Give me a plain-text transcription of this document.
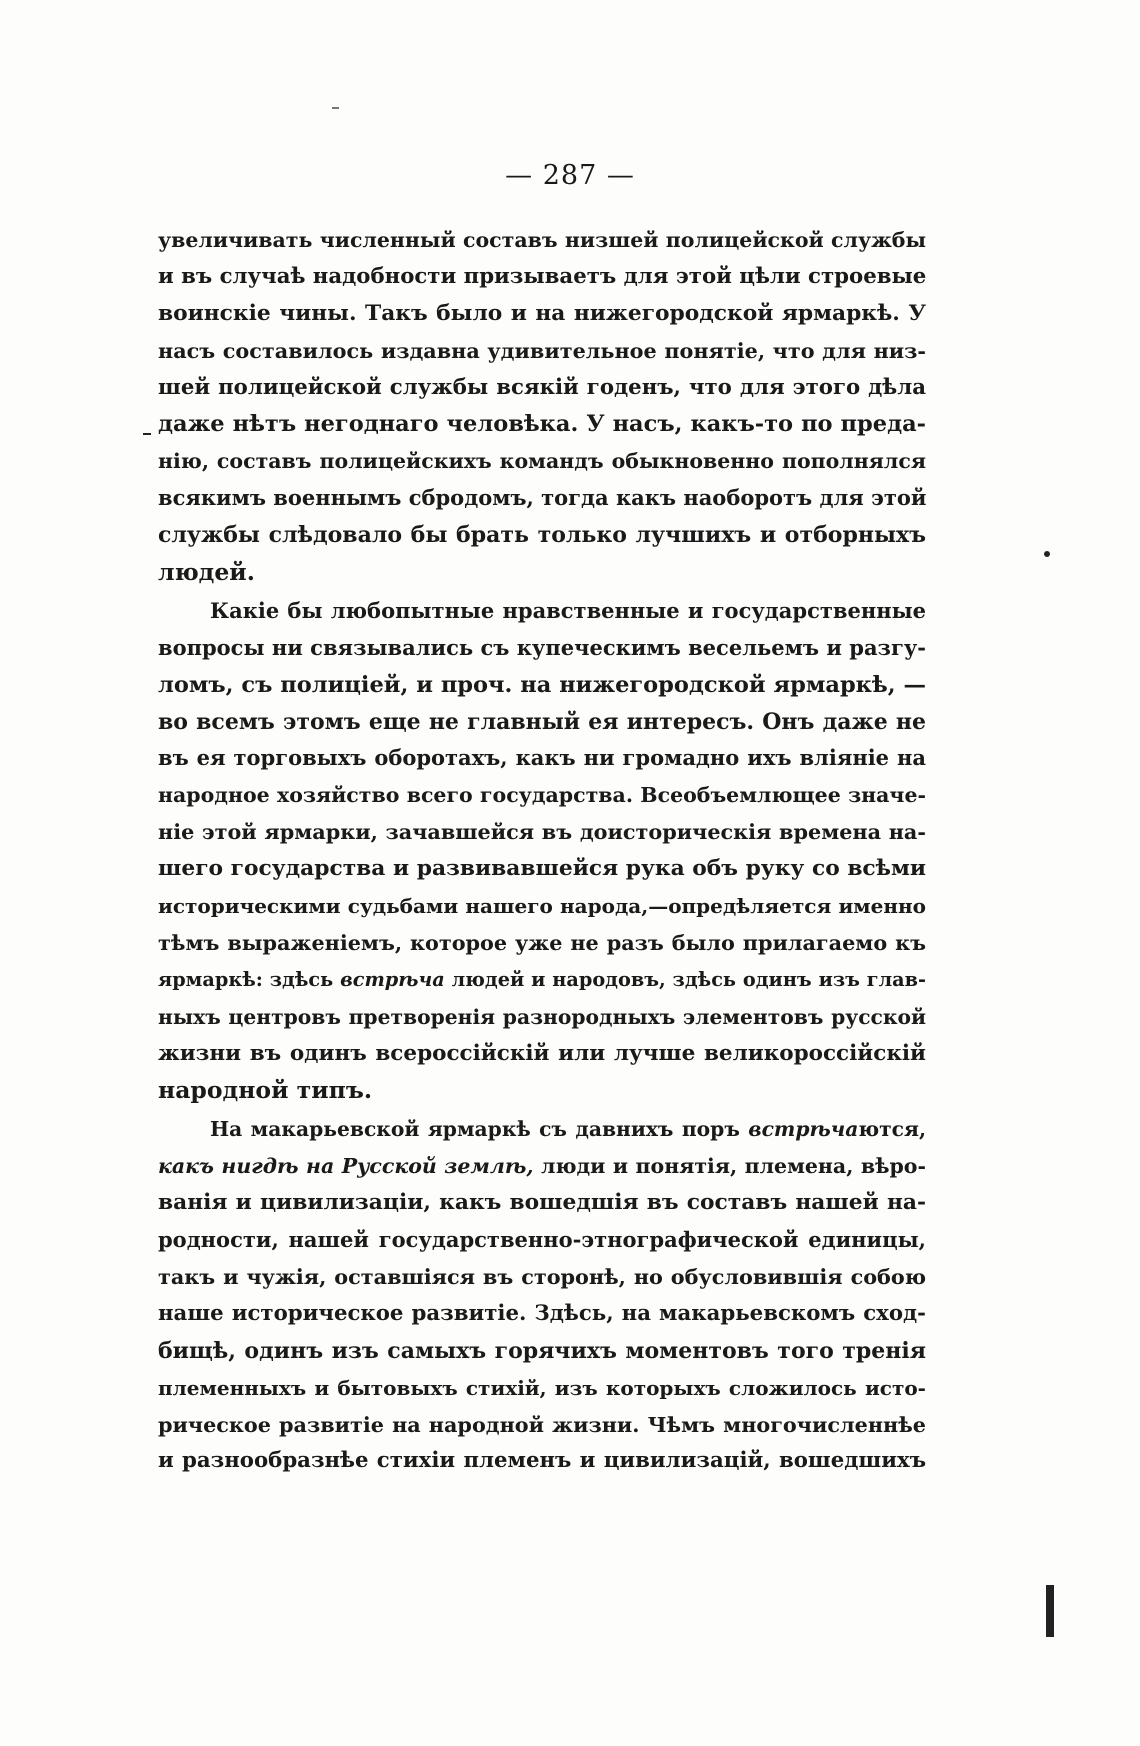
— 287 —
увеличивать численный составъ низшей полицейской службы
и въ случаѣ надобности призываетъ для этой цѣли строевые
воинскіе чины. Такъ было и на нижегородской ярмаркѣ. У
насъ составилось издавна удивительное понятіе, что для низ-
шей полицейской службы всякій годенъ, что для этого дѣла
даже нѣтъ негоднаго человѣка. У насъ, какъ-то по преда-
нію, составъ полицейскихъ командъ обыкновенно пополнялся
всякимъ военнымъ сбродомъ, тогда какъ наоборотъ для этой
службы слѣдовало бы брать только лучшихъ и отборныхъ
людей.
Какіе бы любопытные нравственные и государственные
вопросы ни связывались съ купеческимъ весельемъ и разгу-
ломъ, съ полиціей, и проч. на нижегородской ярмаркѣ, —
во всемъ этомъ еще не главный ея интересъ. Онъ даже не
въ ея торговыхъ оборотахъ, какъ ни громадно ихъ вліяніе на
народное хозяйство всего государства. Всеобъемлющее значе-
ніе этой ярмарки, зачавшейся въ доисторическія времена на-
шего государства и развивавшейся рука объ руку со всѣми
историческими судьбами нашего народа,—опредѣляется именно
тѣмъ выраженіемъ, которое уже не разъ было прилагаемо къ
ярмаркѣ: здѣсь встрѣча людей и народовъ, здѣсь одинъ изъ глав-
ныхъ центровъ претворенія разнородныхъ элементовъ русской
жизни въ одинъ всероссійскій или лучше великороссійскій
народной типъ.
На макарьевской ярмаркѣ съ давнихъ поръ встрѣчаются,
какъ нигдѣ на Русской землѣ, люди и понятія, племена, вѣро-
ванія и цивилизаціи, какъ вошедшія въ составъ нашей на-
родности, нашей государственно-этнографической единицы,
такъ и чужія, оставшіяся въ сторонѣ, но обусловившія собою
наше историческое развитіе. Здѣсь, на макарьевскомъ сход-
бищѣ, одинъ изъ самыхъ горячихъ моментовъ того тренія
племенныхъ и бытовыхъ стихій, изъ которыхъ сложилось исто-
рическое развитіе на народной жизни. Чѣмъ многочисленнѣе
и разнообразнѣе стихіи племенъ и цивилизацій, вошедшихъ
